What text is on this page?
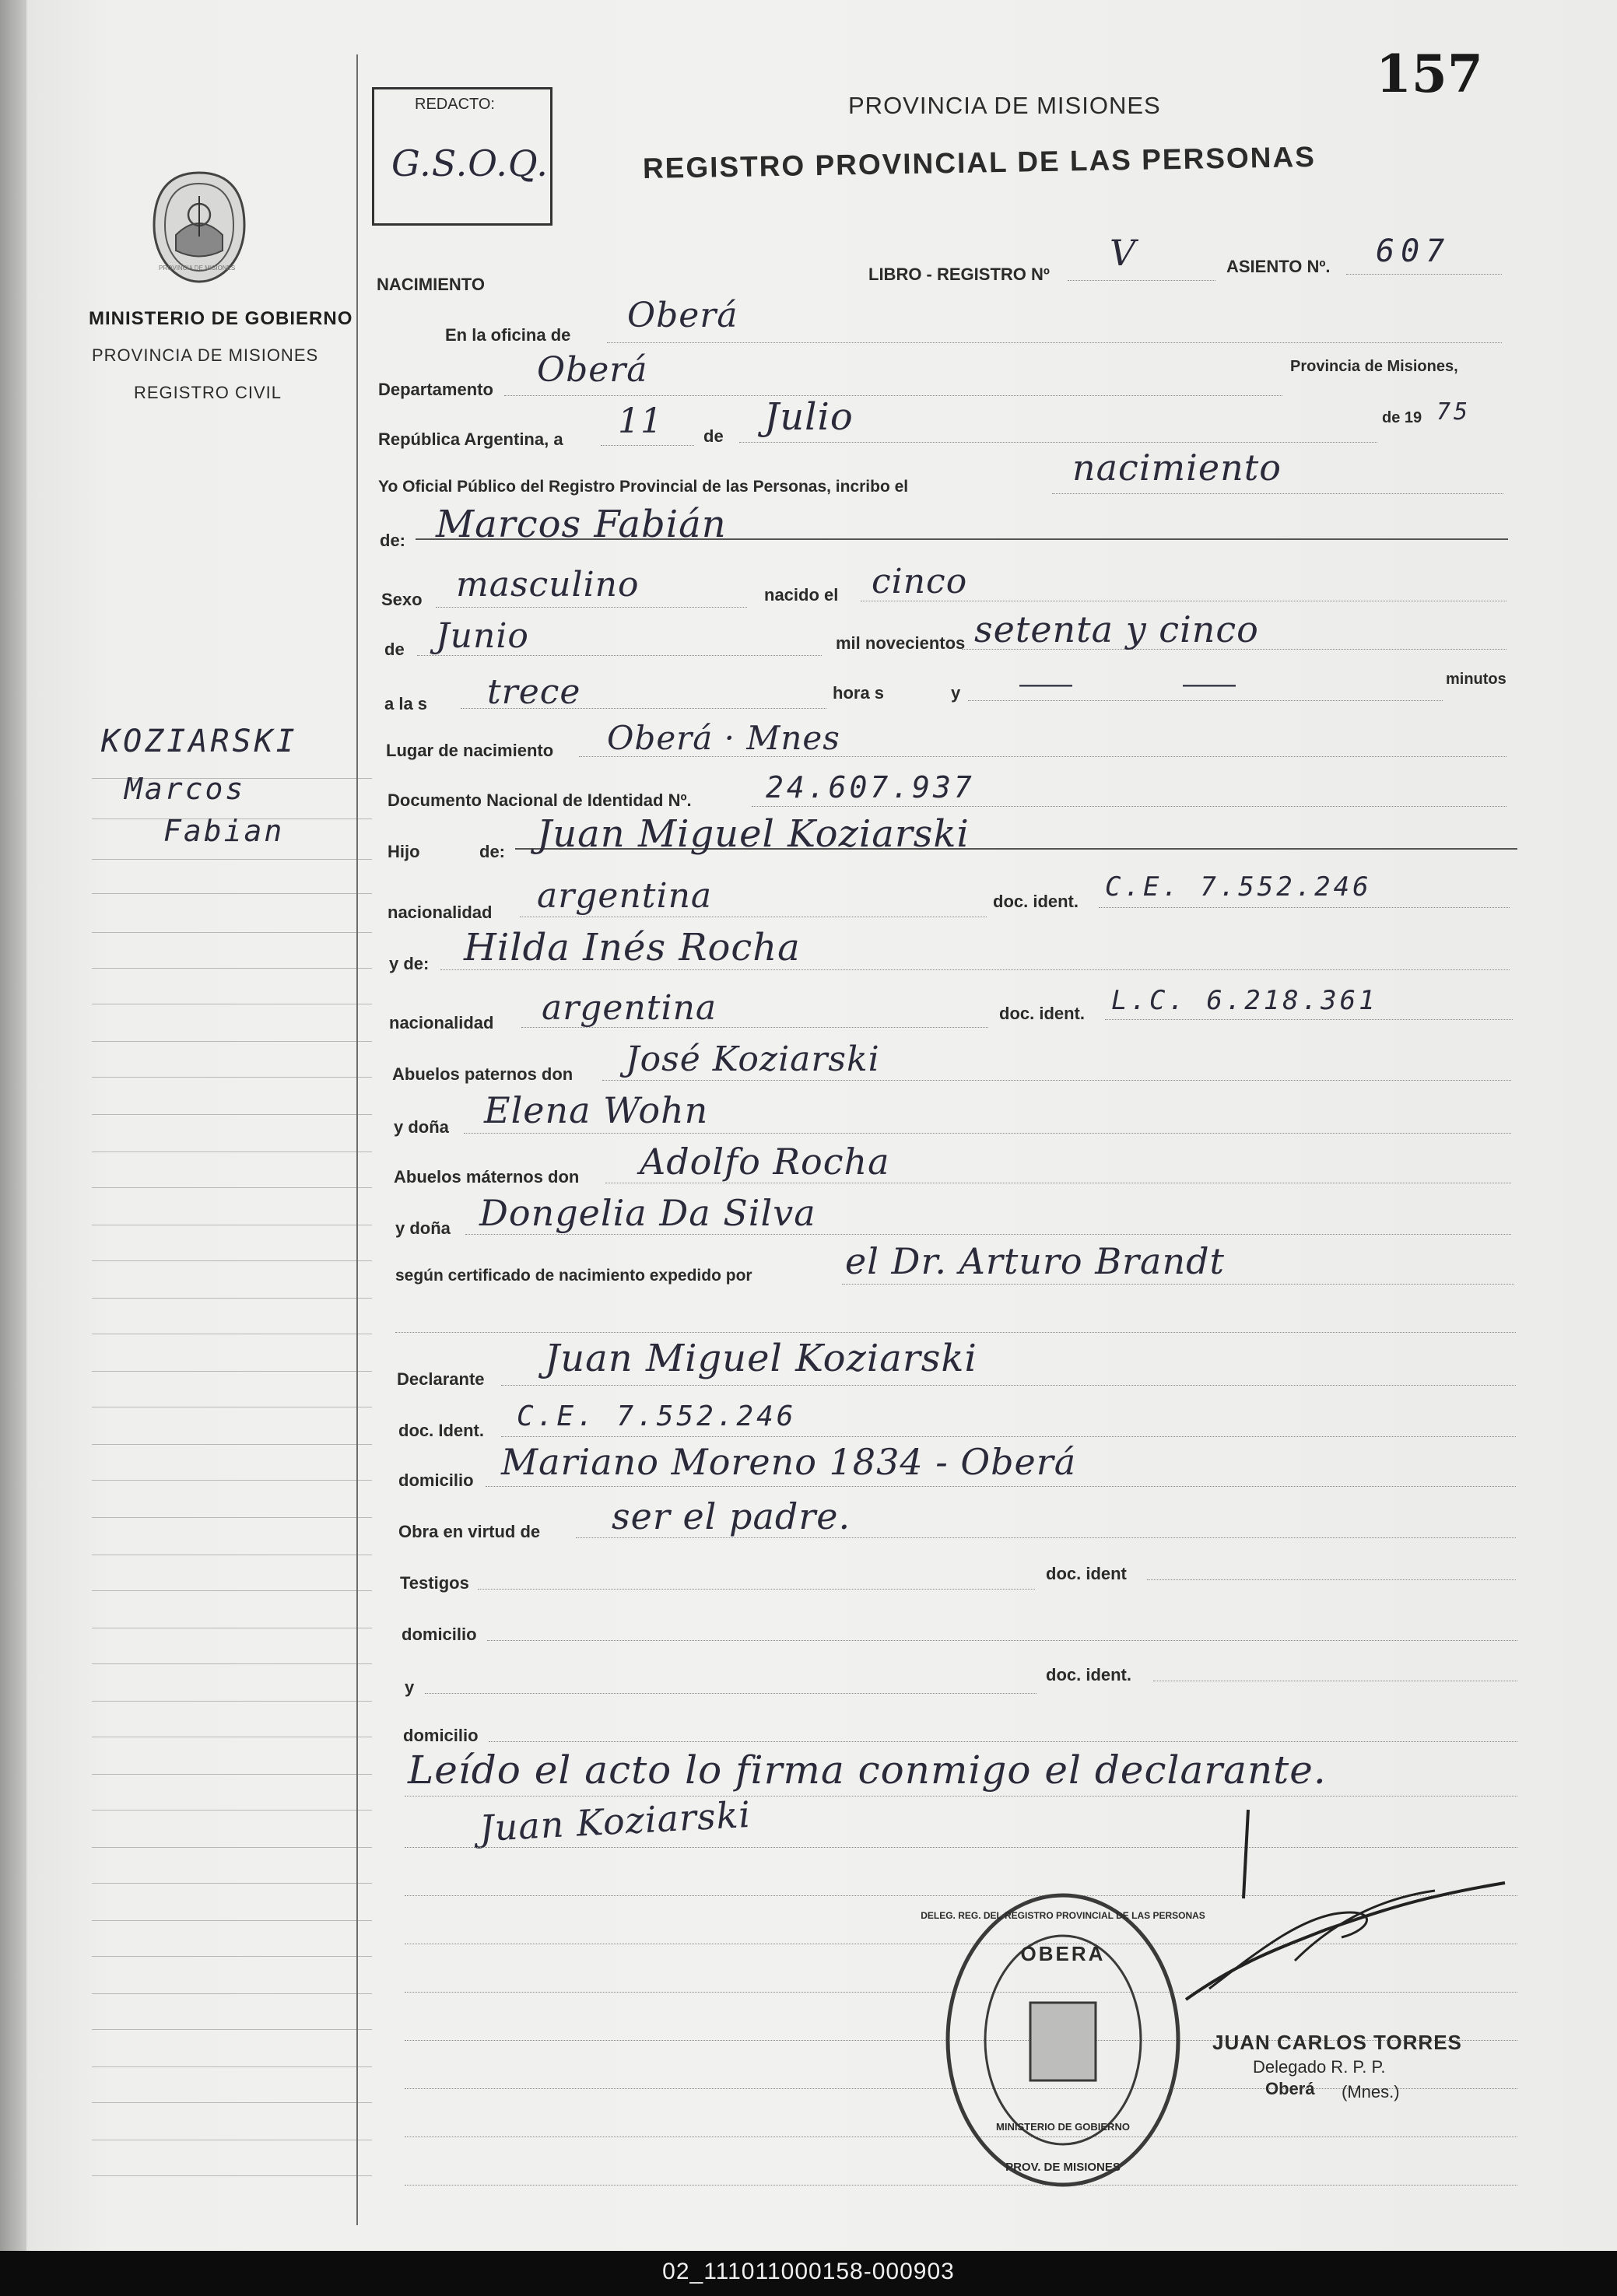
157
REDACTO:
G.S.O.Q.
PROVINCIA DE MISIONES
REGISTRO PROVINCIAL DE LAS PERSONAS
PROVINCIA DE MISIONES
MINISTERIO DE GOBIERNO
PROVINCIA DE MISIONES
REGISTRO CIVIL
KOZIARSKI
Marcos
Fabian
NACIMIENTO
LIBRO - REGISTRO Nº
V	ASIENTO Nº. 607
En la oficina de Oberá
Departamento Oberá	Provincia de Misiones,
República Argentina, a 11 de Julio	de 19 75
Yo Oficial Público del Registro Provincial de las Personas, incribo el	nacimiento
de: Marcos Fabián
Sexo masculino	nacido el cinco
de Junio	mil novecientos setenta y cinco
a la s trece	hora s	y ——	——	minutos
Lugar de nacimiento Oberá · Mnes
Documento Nacional de Identidad Nº.	24.607.937
Hijo	de: Juan Miguel Koziarski
nacionalidad argentina	doc. ident. C.E. 7.552.246
y de: Hilda Inés Rocha
nacionalidad argentina	doc. ident. L.C. 6.218.361
Abuelos paternos don José Koziarski
y doña Elena Wohn
Abuelos máternos don Adolfo Rocha
y doña Dongelia Da Silva
según certificado de nacimiento expedido por	el Dr. Arturo Brandt
Declarante Juan Miguel Koziarski
doc. Ident. C.E. 7.552.246
domicilio Mariano Moreno 1834 - Oberá
Obra en virtud de ser el padre.
Testigos	doc. ident
domicilio
y
doc. ident.
domicilio
Leído el acto lo firma conmigo el declarante.
Juan Koziarski
OBERA
MINISTERIO DE GOBIERNO
PROV. DE MISIONES
DELEG. REG. DEL REGISTRO PROVINCIAL DE LAS PERSONAS
JUAN CARLOS TORRES
Delegado R. P. P.
Oberá (Mnes.)
02_111011000158-000903
